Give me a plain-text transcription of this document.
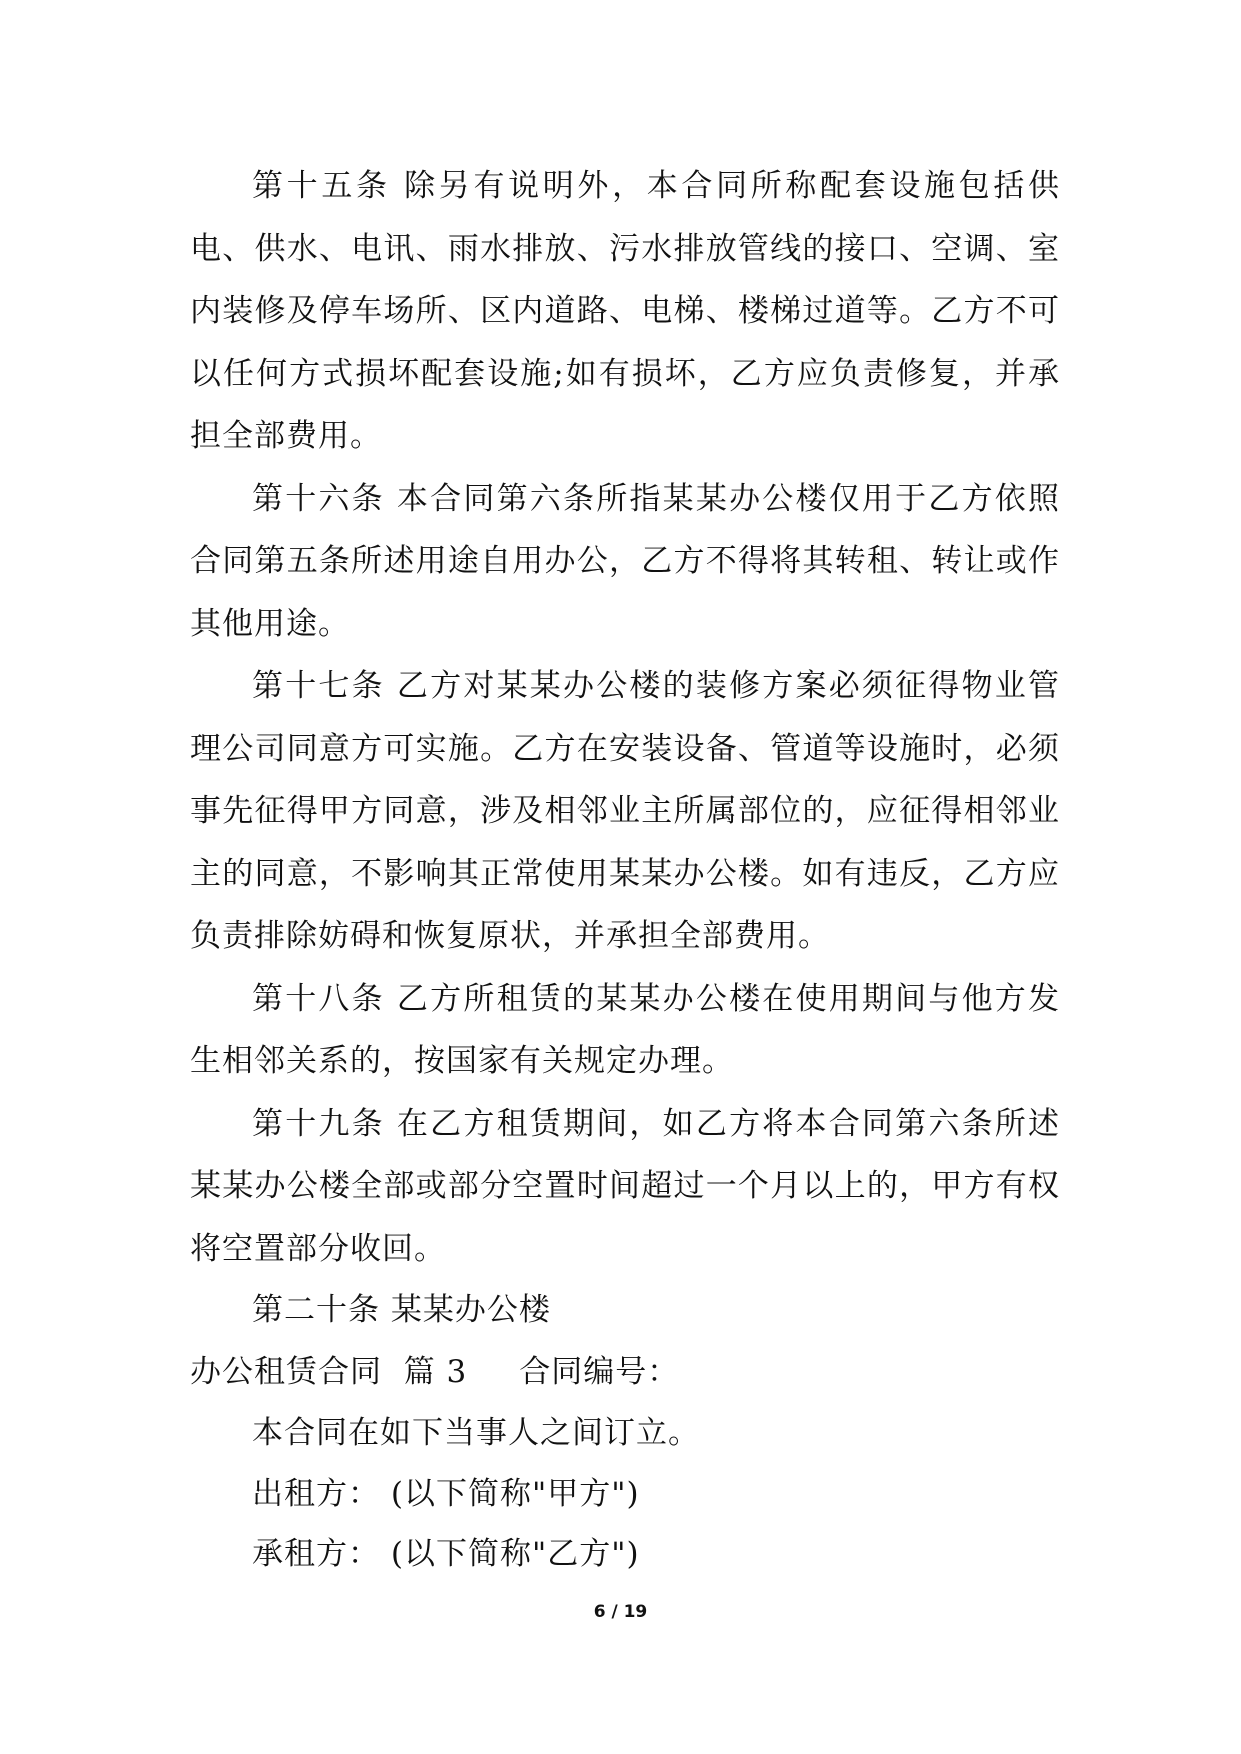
第十五条 除另有说明外，本合同所称配套设施包括供电、供水、电讯、雨水排放、污水排放管线的接口、空调、室内装修及停车场所、区内道路、电梯、楼梯过道等。乙方不可以任何方式损坏配套设施;如有损坏，乙方应负责修复，并承担全部费用。

第十六条 本合同第六条所指某某办公楼仅用于乙方依照合同第五条所述用途自用办公，乙方不得将其转租、转让或作其他用途。

第十七条 乙方对某某办公楼的装修方案必须征得物业管理公司同意方可实施。乙方在安装设备、管道等设施时，必须事先征得甲方同意，涉及相邻业主所属部位的，应征得相邻业主的同意，不影响其正常使用某某办公楼。如有违反，乙方应负责排除妨碍和恢复原状，并承担全部费用。

第十八条 乙方所租赁的某某办公楼在使用期间与他方发生相邻关系的，按国家有关规定办理。

第十九条 在乙方租赁期间，如乙方将本合同第六条所述某某办公楼全部或部分空置时间超过一个月以上的，甲方有权将空置部分收回。

第二十条 某某办公楼

办公租赁合同  篇 3 合同编号：

本合同在如下当事人之间订立。

出租方： (以下简称"甲方")

承租方： (以下简称"乙方")

6 / 19
